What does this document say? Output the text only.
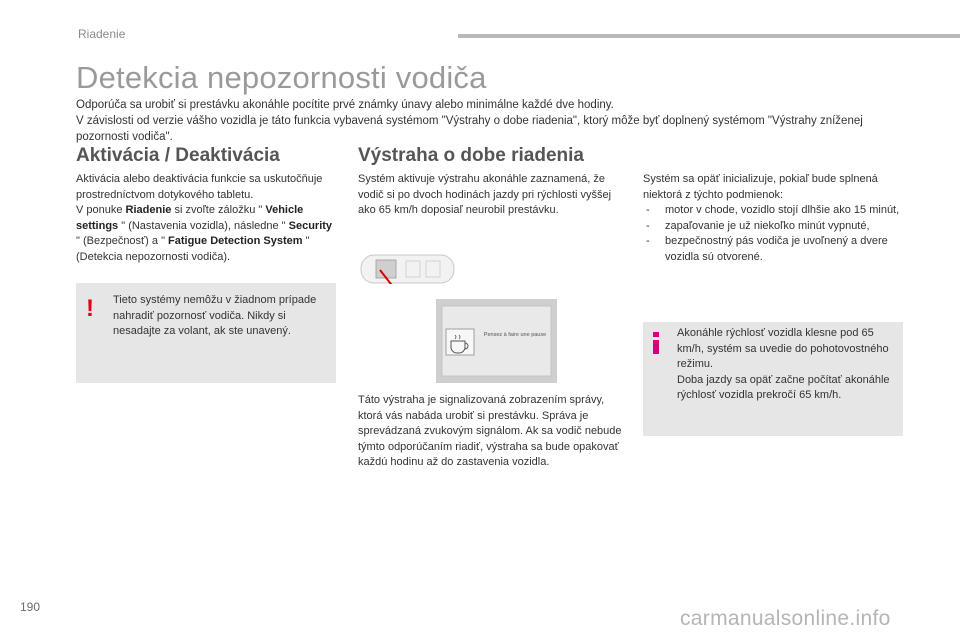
Riadenie
Detekcia nepozornosti vodiča

Odporúča sa urobiť si prestávku akonáhle pocítite prvé známky únavy alebo minimálne každé dve hodiny.

V závislosti od verzie vášho vozidla je táto funkcia vybavená systémom "Výstrahy o dobe riadenia", ktorý môže byť doplnený systémom "Výstrahy zníženej pozornosti vodiča".

Aktivácia / Deaktivácia

Aktivácia alebo deaktivácia funkcie sa uskutočňuje prostredníctvom dotykového tabletu.

V ponuke Riadenie si zvoľte záložku " Vehicle settings " (Nastavenia vozidla), následne " Security " (Bezpečnosť) a " Fatigue Detection System " (Detekcia nepozornosti vodiča).

! Tieto systémy nemôžu v žiadnom prípade nahradiť pozornosť vodiča. Nikdy si nesadajte za volant, ak ste unavený.
Výstraha o dobe riadenia

Systém aktivuje výstrahu akonáhle zaznamená, že vodič si po dvoch hodinách jazdy pri rýchlosti vyššej ako 65 km/h doposiaľ neurobil prestávku.

Pensez à faire une pause

Táto výstraha je signalizovaná zobrazením správy, ktorá vás nabáda urobiť si prestávku. Správa je sprevádzaná zvukovým signálom. Ak sa vodič nebude týmto odporúčaním riadiť, výstraha sa bude opakovať každú hodinu až do zastavenia vozidla.

Systém sa opäť inicializuje, pokiaľ bude splnená niektorá z týchto podmienok:

- motor v chode, vozidlo stojí dlhšie ako 15 minút,
- zapaľovanie je už niekoľko minút vypnuté,
- bezpečnostný pás vodiča je uvoľnený a dvere vozidla sú otvorené.
Akonáhle rýchlosť vozidla klesne pod 65 km/h, systém sa uvedie do pohotovostného režimu.
Doba jazdy sa opäť začne počítať akonáhle rýchlosť vozidla prekročí 65 km/h.
190	carmanualsonline.info
